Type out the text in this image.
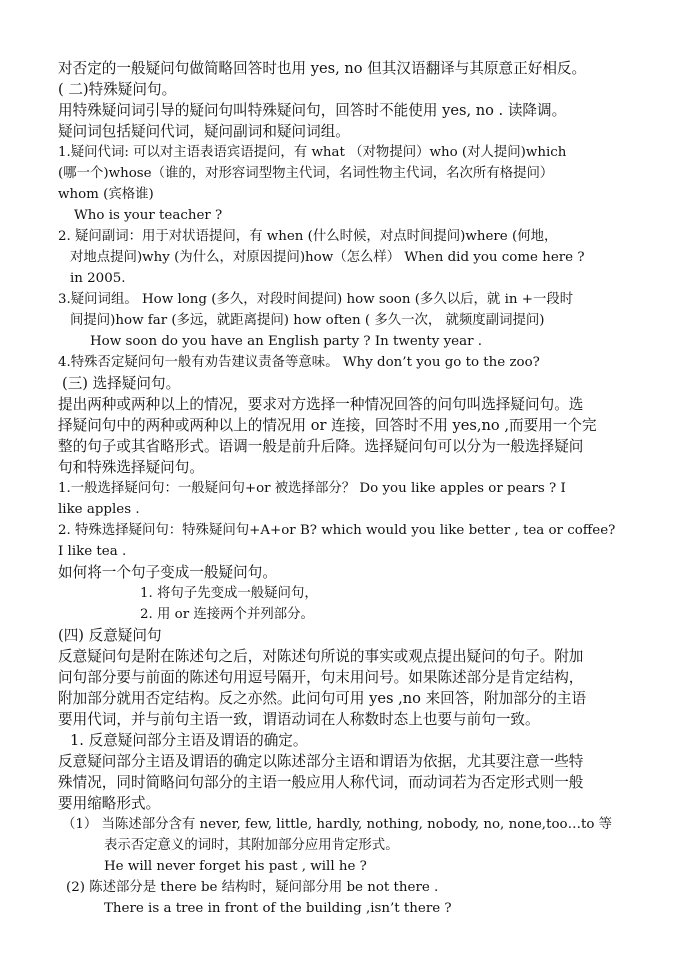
对否定的一般疑问句做简略回答时也用 yes, no 但其汉语翻译与其原意正好相反。
( 二)特殊疑问句。
用特殊疑问词引导的疑问句叫特殊疑问句，回答时不能使用 yes, no . 读降调。
疑问词包括疑问代词，疑问副词和疑问词组。
1.疑问代词: 可以对主语表语宾语提问，有 what （对物提问）who (对人提问)which
(哪一个)whose（谁的，对形容词型物主代词，名词性物主代词，名次所有格提问）
whom (宾格谁)
Who is your teacher ?
2. 疑问副词：用于对状语提问，有 when (什么时候，对点时间提问)where (何地，
对地点提问)why (为什么，对原因提问)how（怎么样） When did you come here ?
in 2005.
3.疑问词组。 How long (多久，对段时间提问) how soon (多久以后，就 in +一段时
间提问)how far (多远，就距离提问) how often ( 多久一次， 就频度副词提问)
How soon do you have an English party ? In twenty year .
4.特殊否定疑问句一般有劝告建议责备等意味。 Why don’t you go to the zoo?
(三) 选择疑问句。
提出两种或两种以上的情况，要求对方选择一种情况回答的问句叫选择疑问句。选
择疑问句中的两种或两种以上的情况用 or 连接，回答时不用 yes,no ,而要用一个完
整的句子或其省略形式。语调一般是前升后降。选择疑问句可以分为一般选择疑问
句和特殊选择疑问句。
1.一般选择疑问句：一般疑问句+or 被选择部分？ Do you like apples or pears ? I
like apples .
2. 特殊选择疑问句：特殊疑问句+A+or B? which would you like better , tea or coffee?
I like tea .
如何将一个句子变成一般疑问句。
1. 将句子先变成一般疑问句，
2. 用 or 连接两个并列部分。
(四) 反意疑问句
反意疑问句是附在陈述句之后，对陈述句所说的事实或观点提出疑问的句子。附加
问句部分要与前面的陈述句用逗号隔开，句末用问号。如果陈述部分是肯定结构，
附加部分就用否定结构。反之亦然。此问句可用 yes ,no 来回答，附加部分的主语
要用代词，并与前句主语一致，谓语动词在人称数时态上也要与前句一致。
1. 反意疑问部分主语及谓语的确定。
反意疑问部分主语及谓语的确定以陈述部分主语和谓语为依据，尤其要注意一些特
殊情况，同时简略问句部分的主语一般应用人称代词，而动词若为否定形式则一般
要用缩略形式。
（1） 当陈述部分含有 never, few, little, hardly, nothing, nobody, no, none,too…to 等
表示否定意义的词时，其附加部分应用肯定形式。
He will never forget his past , will he ?
(2) 陈述部分是 there be 结构时，疑问部分用 be not there .
There is a tree in front of the building ,isn’t there ?
